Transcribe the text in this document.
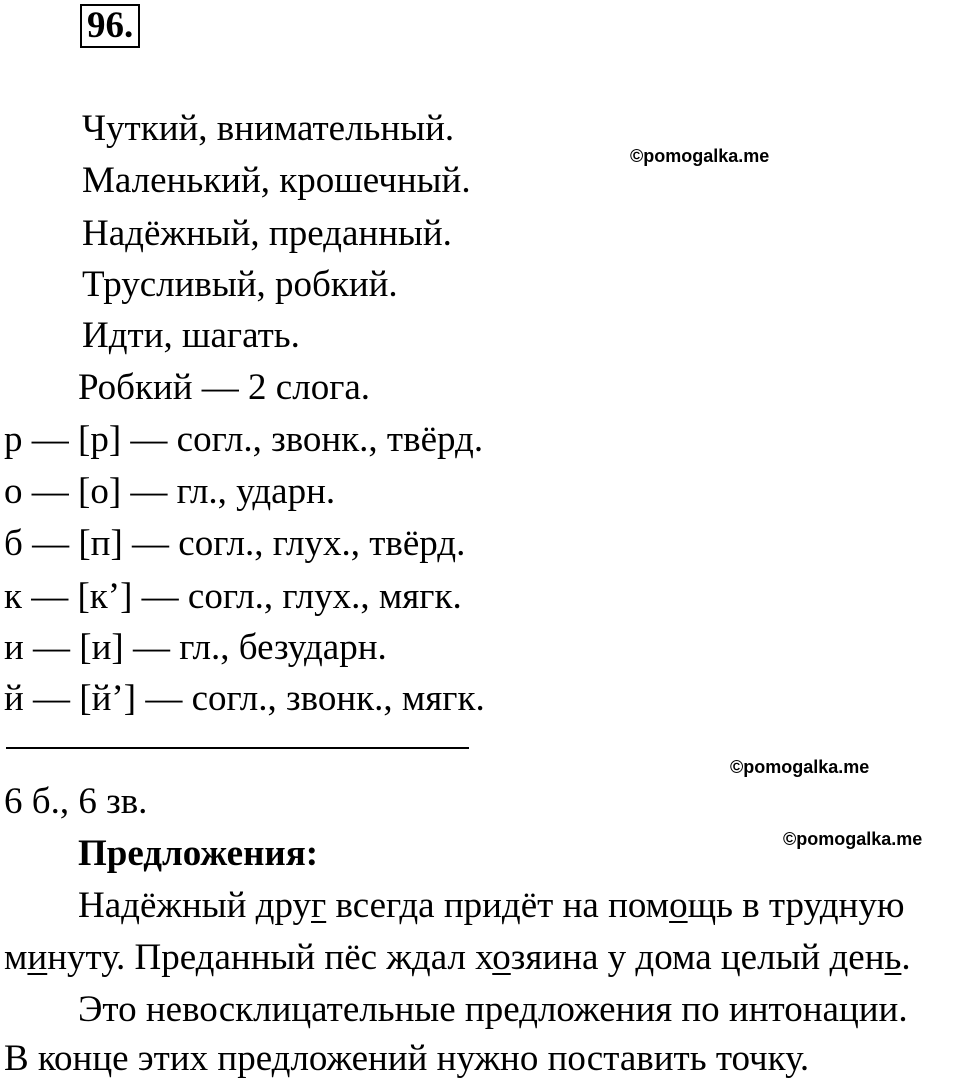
96.
©pomogalka.me
©pomogalka.me
©pomogalka.me
Чуткий, внимательный.
Маленький, крошечный.
Надёжный, преданный.
Трусливый, робкий.
Идти, шагать.
Робкий — 2 слога.
р — [р] — согл., звонк., твёрд.
о — [о] — гл., ударн.
б — [п] — согл., глух., твёрд.
к — [к’] — согл., глух., мягк.
и — [и] — гл., безударн.
й — [й’] — согл., звонк., мягк.
6 б., 6 зв.
Предложения:
Надёжный друг всегда придёт на помощь в трудную
минуту. Преданный пёс ждал хозяина у дома целый день.
Это невосклицательные предложения по интонации.
В конце этих предложений нужно поставить точку.
